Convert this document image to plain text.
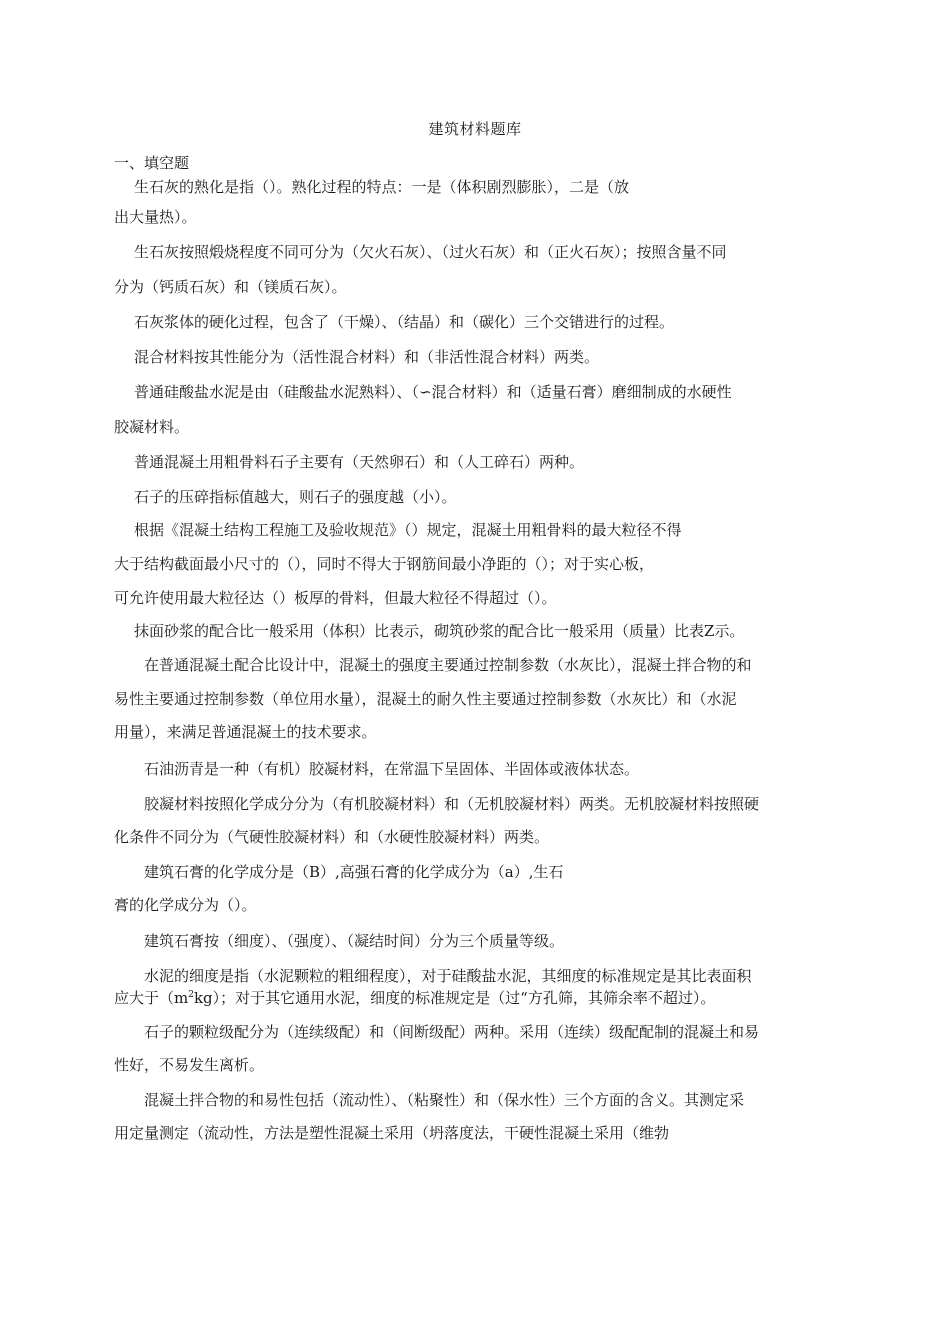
建筑材料题库
一、填空题
生石灰的熟化是指（）。熟化过程的特点：一是（体积剧烈膨胀），二是（放
出大量热）。
生石灰按照煅烧程度不同可分为（欠火石灰）、（过火石灰）和（正火石灰）；按照含量不同
分为（钙质石灰）和（镁质石灰）。
石灰浆体的硬化过程，包含了（干燥）、（结晶）和（碳化）三个交错进行的过程。
混合材料按其性能分为（活性混合材料）和（非活性混合材料）两类。
普通硅酸盐水泥是由（硅酸盐水泥熟料）、（∽混合材料）和（适量石膏）磨细制成的水硬性
胶凝材料。
普通混凝土用粗骨料石子主要有（天然卵石）和（人工碎石）两种。
石子的压碎指标值越大，则石子的强度越（小）。
根据《混凝土结构工程施工及验收规范》（）规定，混凝土用粗骨料的最大粒径不得
大于结构截面最小尺寸的（），同时不得大于钢筋间最小净距的（）；对于实心板，
可允许使用最大粒径达（）板厚的骨料，但最大粒径不得超过（）。
抹面砂浆的配合比一般采用（体积）比表示，砌筑砂浆的配合比一般采用（质量）比表Z示。
在普通混凝土配合比设计中，混凝土的强度主要通过控制参数（水灰比），混凝土拌合物的和
易性主要通过控制参数（单位用水量），混凝土的耐久性主要通过控制参数（水灰比）和（水泥
用量），来满足普通混凝土的技术要求。
石油沥青是一种（有机）胶凝材料，在常温下呈固体、半固体或液体状态。
胶凝材料按照化学成分分为（有机胶凝材料）和（无机胶凝材料）两类。无机胶凝材料按照硬
化条件不同分为（气硬性胶凝材料）和（水硬性胶凝材料）两类。
建筑石膏的化学成分是（B）,高强石膏的化学成分为（a）,生石
膏的化学成分为（）。
建筑石膏按（细度）、（强度）、（凝结时间）分为三个质量等级。
水泥的细度是指（水泥颗粒的粗细程度），对于硅酸盐水泥，其细度的标准规定是其比表面积
应大于$(m^2kg)$；对于其它通用水泥，细度的标准规定是（过“方孔筛，其筛余率不超过）。
石子的颗粒级配分为（连续级配）和（间断级配）两种。采用（连续）级配配制的混凝土和易
性好，不易发生离析。
混凝土拌合物的和易性包括（流动性）、（粘聚性）和（保水性）三个方面的含义。其测定采
用定量测定（流动性，方法是塑性混凝土采用（坍落度法，干硬性混凝土采用（维勃
